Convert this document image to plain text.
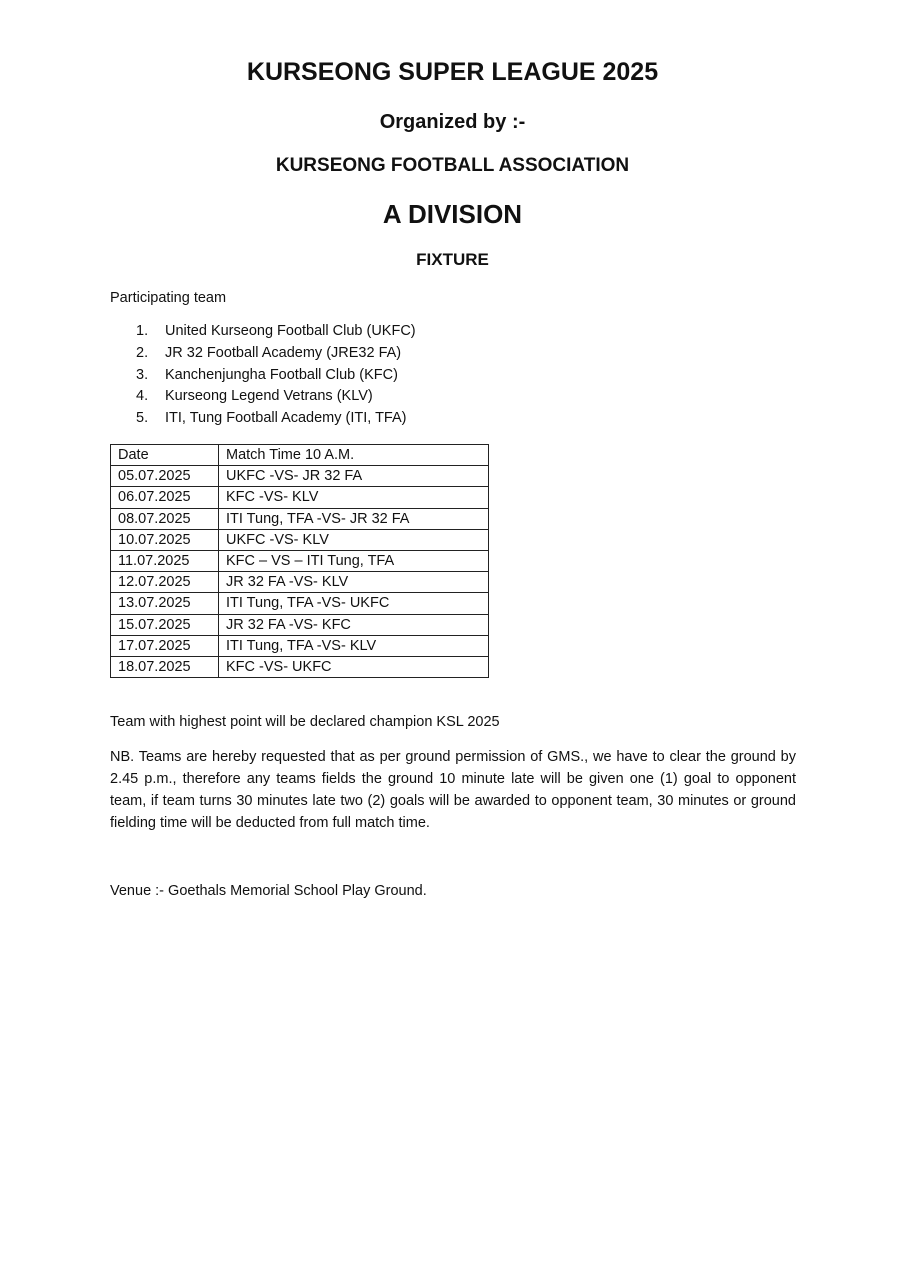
KURSEONG SUPER LEAGUE 2025
Organized by :-
KURSEONG FOOTBALL ASSOCIATION
A DIVISION
FIXTURE
Participating team
1. United Kurseong Football Club (UKFC)
2. JR 32 Football Academy (JRE32 FA)
3. Kanchenjungha Football Club (KFC)
4. Kurseong Legend Vetrans (KLV)
5. ITI, Tung Football Academy (ITI, TFA)
Date	Match Time 10 A.M.
05.07.2025	UKFC -VS- JR 32 FA
06.07.2025	KFC -VS- KLV
08.07.2025	ITI Tung, TFA -VS- JR 32 FA
10.07.2025	UKFC -VS- KLV
11.07.2025	KFC – VS – ITI Tung, TFA
12.07.2025	JR 32 FA -VS- KLV
13.07.2025	ITI Tung, TFA -VS- UKFC
15.07.2025	JR 32 FA -VS- KFC
17.07.2025	ITI Tung, TFA -VS- KLV
18.07.2025	KFC -VS- UKFC
Team with highest point will be declared champion KSL 2025
NB. Teams are hereby requested that as per ground permission of GMS., we have to clear the ground by 2.45 p.m., therefore any teams fields the ground 10 minute late will be given one (1) goal to opponent team, if team turns 30 minutes late two (2) goals will be awarded to opponent team, 30 minutes or ground fielding time will be deducted from full match time.
Venue :- Goethals Memorial School Play Ground.
